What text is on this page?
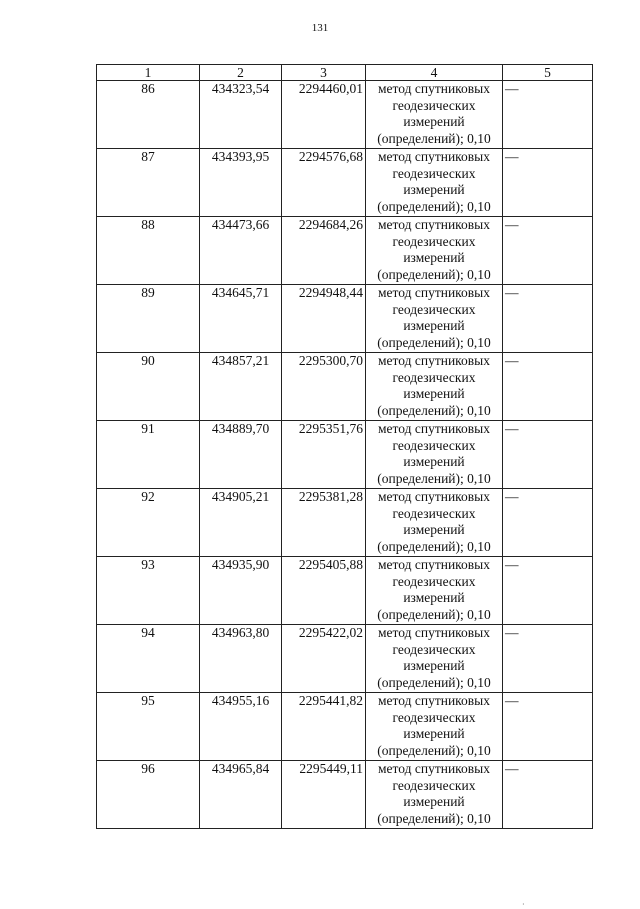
131
1	2	3	4	5
86	434323,54	2294460,01	метод спутниковых
геодезических
измерений
(определений); 0,10	—
87	434393,95	2294576,68	метод спутниковых
геодезических
измерений
(определений); 0,10	—
88	434473,66	2294684,26	метод спутниковых
геодезических
измерений
(определений); 0,10	—
89	434645,71	2294948,44	метод спутниковых
геодезических
измерений
(определений); 0,10	—
90	434857,21	2295300,70	метод спутниковых
геодезических
измерений
(определений); 0,10	—
91	434889,70	2295351,76	метод спутниковых
геодезических
измерений
(определений); 0,10	—
92	434905,21	2295381,28	метод спутниковых
геодезических
измерений
(определений); 0,10	—
93	434935,90	2295405,88	метод спутниковых
геодезических
измерений
(определений); 0,10	—
94	434963,80	2295422,02	метод спутниковых
геодезических
измерений
(определений); 0,10	—
95	434955,16	2295441,82	метод спутниковых
геодезических
измерений
(определений); 0,10	—
96	434965,84	2295449,11	метод спутниковых
геодезических
измерений
(определений); 0,10	—
·
